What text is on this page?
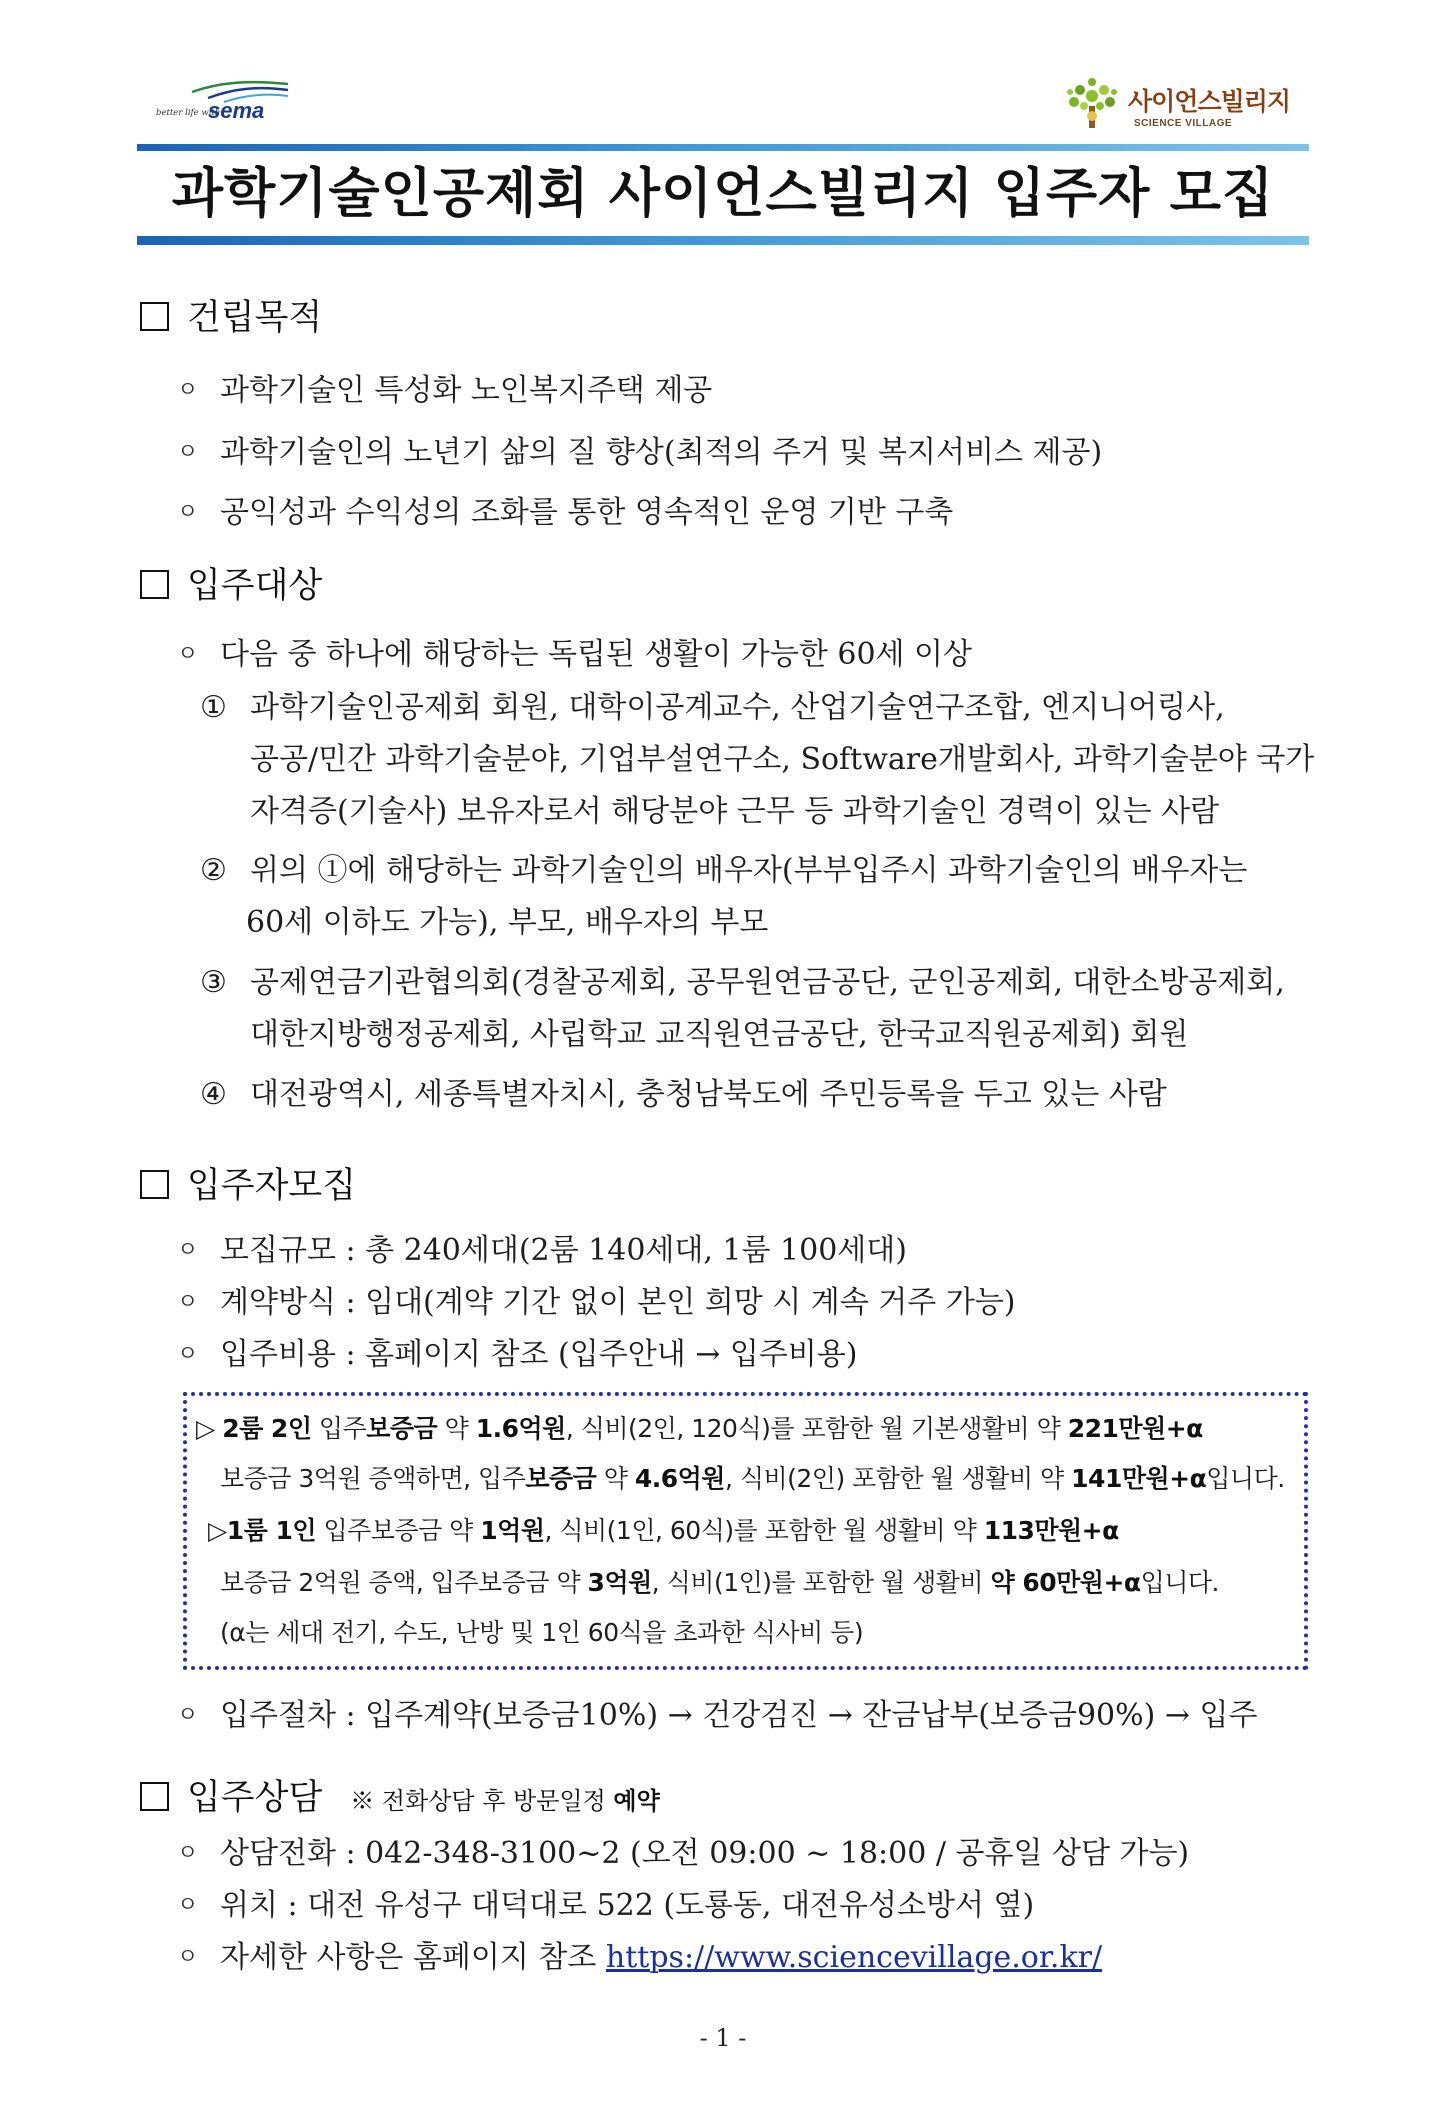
better life with
sema	사이언스빌리지
SCIENCE VILLAGE
과학기술인공제회 사이언스빌리지 입주자 모집
건립목적
ㅇ 과학기술인 특성화 노인복지주택 제공
ㅇ 과학기술인의 노년기 삶의 질 향상(최적의 주거 및 복지서비스 제공)
ㅇ 공익성과 수익성의 조화를 통한 영속적인 운영 기반 구축
입주대상
ㅇ 다음 중 하나에 해당하는 독립된 생활이 가능한 60세 이상
① 과학기술인공제회 회원, 대학이공계교수, 산업기술연구조합, 엔지니어링사,
공공/민간 과학기술분야, 기업부설연구소, Software개발회사, 과학기술분야 국가
자격증(기술사) 보유자로서 해당분야 근무 등 과학기술인 경력이 있는 사람
② 위의 ①에 해당하는 과학기술인의 배우자(부부입주시 과학기술인의 배우자는
60세 이하도 가능), 부모, 배우자의 부모
③ 공제연금기관협의회(경찰공제회, 공무원연금공단, 군인공제회, 대한소방공제회,
대한지방행정공제회, 사립학교 교직원연금공단, 한국교직원공제회) 회원
④ 대전광역시, 세종특별자치시, 충청남북도에 주민등록을 두고 있는 사람
입주자모집
ㅇ 모집규모 : 총 240세대(2룸 140세대, 1룸 100세대)
ㅇ 계약방식 : 임대(계약 기간 없이 본인 희망 시 계속 거주 가능)
ㅇ 입주비용 : 홈페이지 참조 (입주안내 → 입주비용)
▷ 2룸 2인 입주보증금 약 1.6억원, 식비(2인, 120식)를 포함한 월 기본생활비 약 221만원+α
보증금 3억원 증액하면, 입주보증금 약 4.6억원, 식비(2인) 포함한 월 생활비 약 141만원+α입니다.
▷1룸 1인 입주보증금 약 1억원, 식비(1인, 60식)를 포함한 월 생활비 약 113만원+α
보증금 2억원 증액, 입주보증금 약 3억원, 식비(1인)를 포함한 월 생활비 약 60만원+α입니다.
(α는 세대 전기, 수도, 난방 및 1인 60식을 초과한 식사비 등)
ㅇ 입주절차 : 입주계약(보증금10%) → 건강검진 → 잔금납부(보증금90%) → 입주
입주상담 ※ 전화상담 후 방문일정 예약
ㅇ 상담전화 : 042-348-3100~2 (오전 09:00 ~ 18:00 / 공휴일 상담 가능)
ㅇ 위치 : 대전 유성구 대덕대로 522 (도룡동, 대전유성소방서 옆)
ㅇ 자세한 사항은 홈페이지 참조 https://www.sciencevillage.or.kr/
- 1 -
